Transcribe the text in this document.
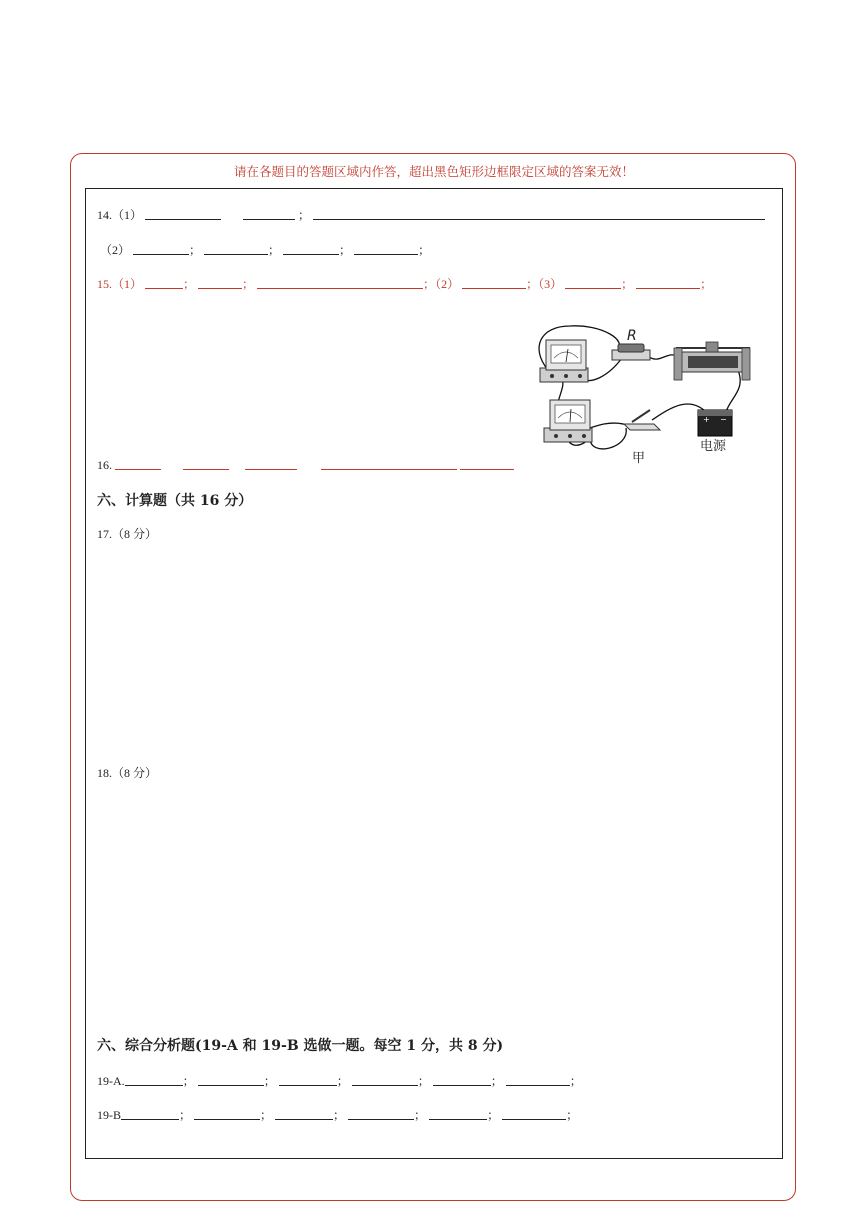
请在各题目的答题区域内作答，超出黑色矩形边框限定区域的答案无效！
14.（1）	；
（2）	；	；	；	；
15.（1）	；	；	；（2）	；（3）	；	；
R
+ −
电源
甲
16.
六、计算题（共 16 分）
17.（8 分）
18.（8 分）
六、综合分析题(19-A 和 19-B 选做一题。每空 1 分，共 8 分)
19-A.	；	；	；	；	；	；
19-B	；	；	；	；	；	；
